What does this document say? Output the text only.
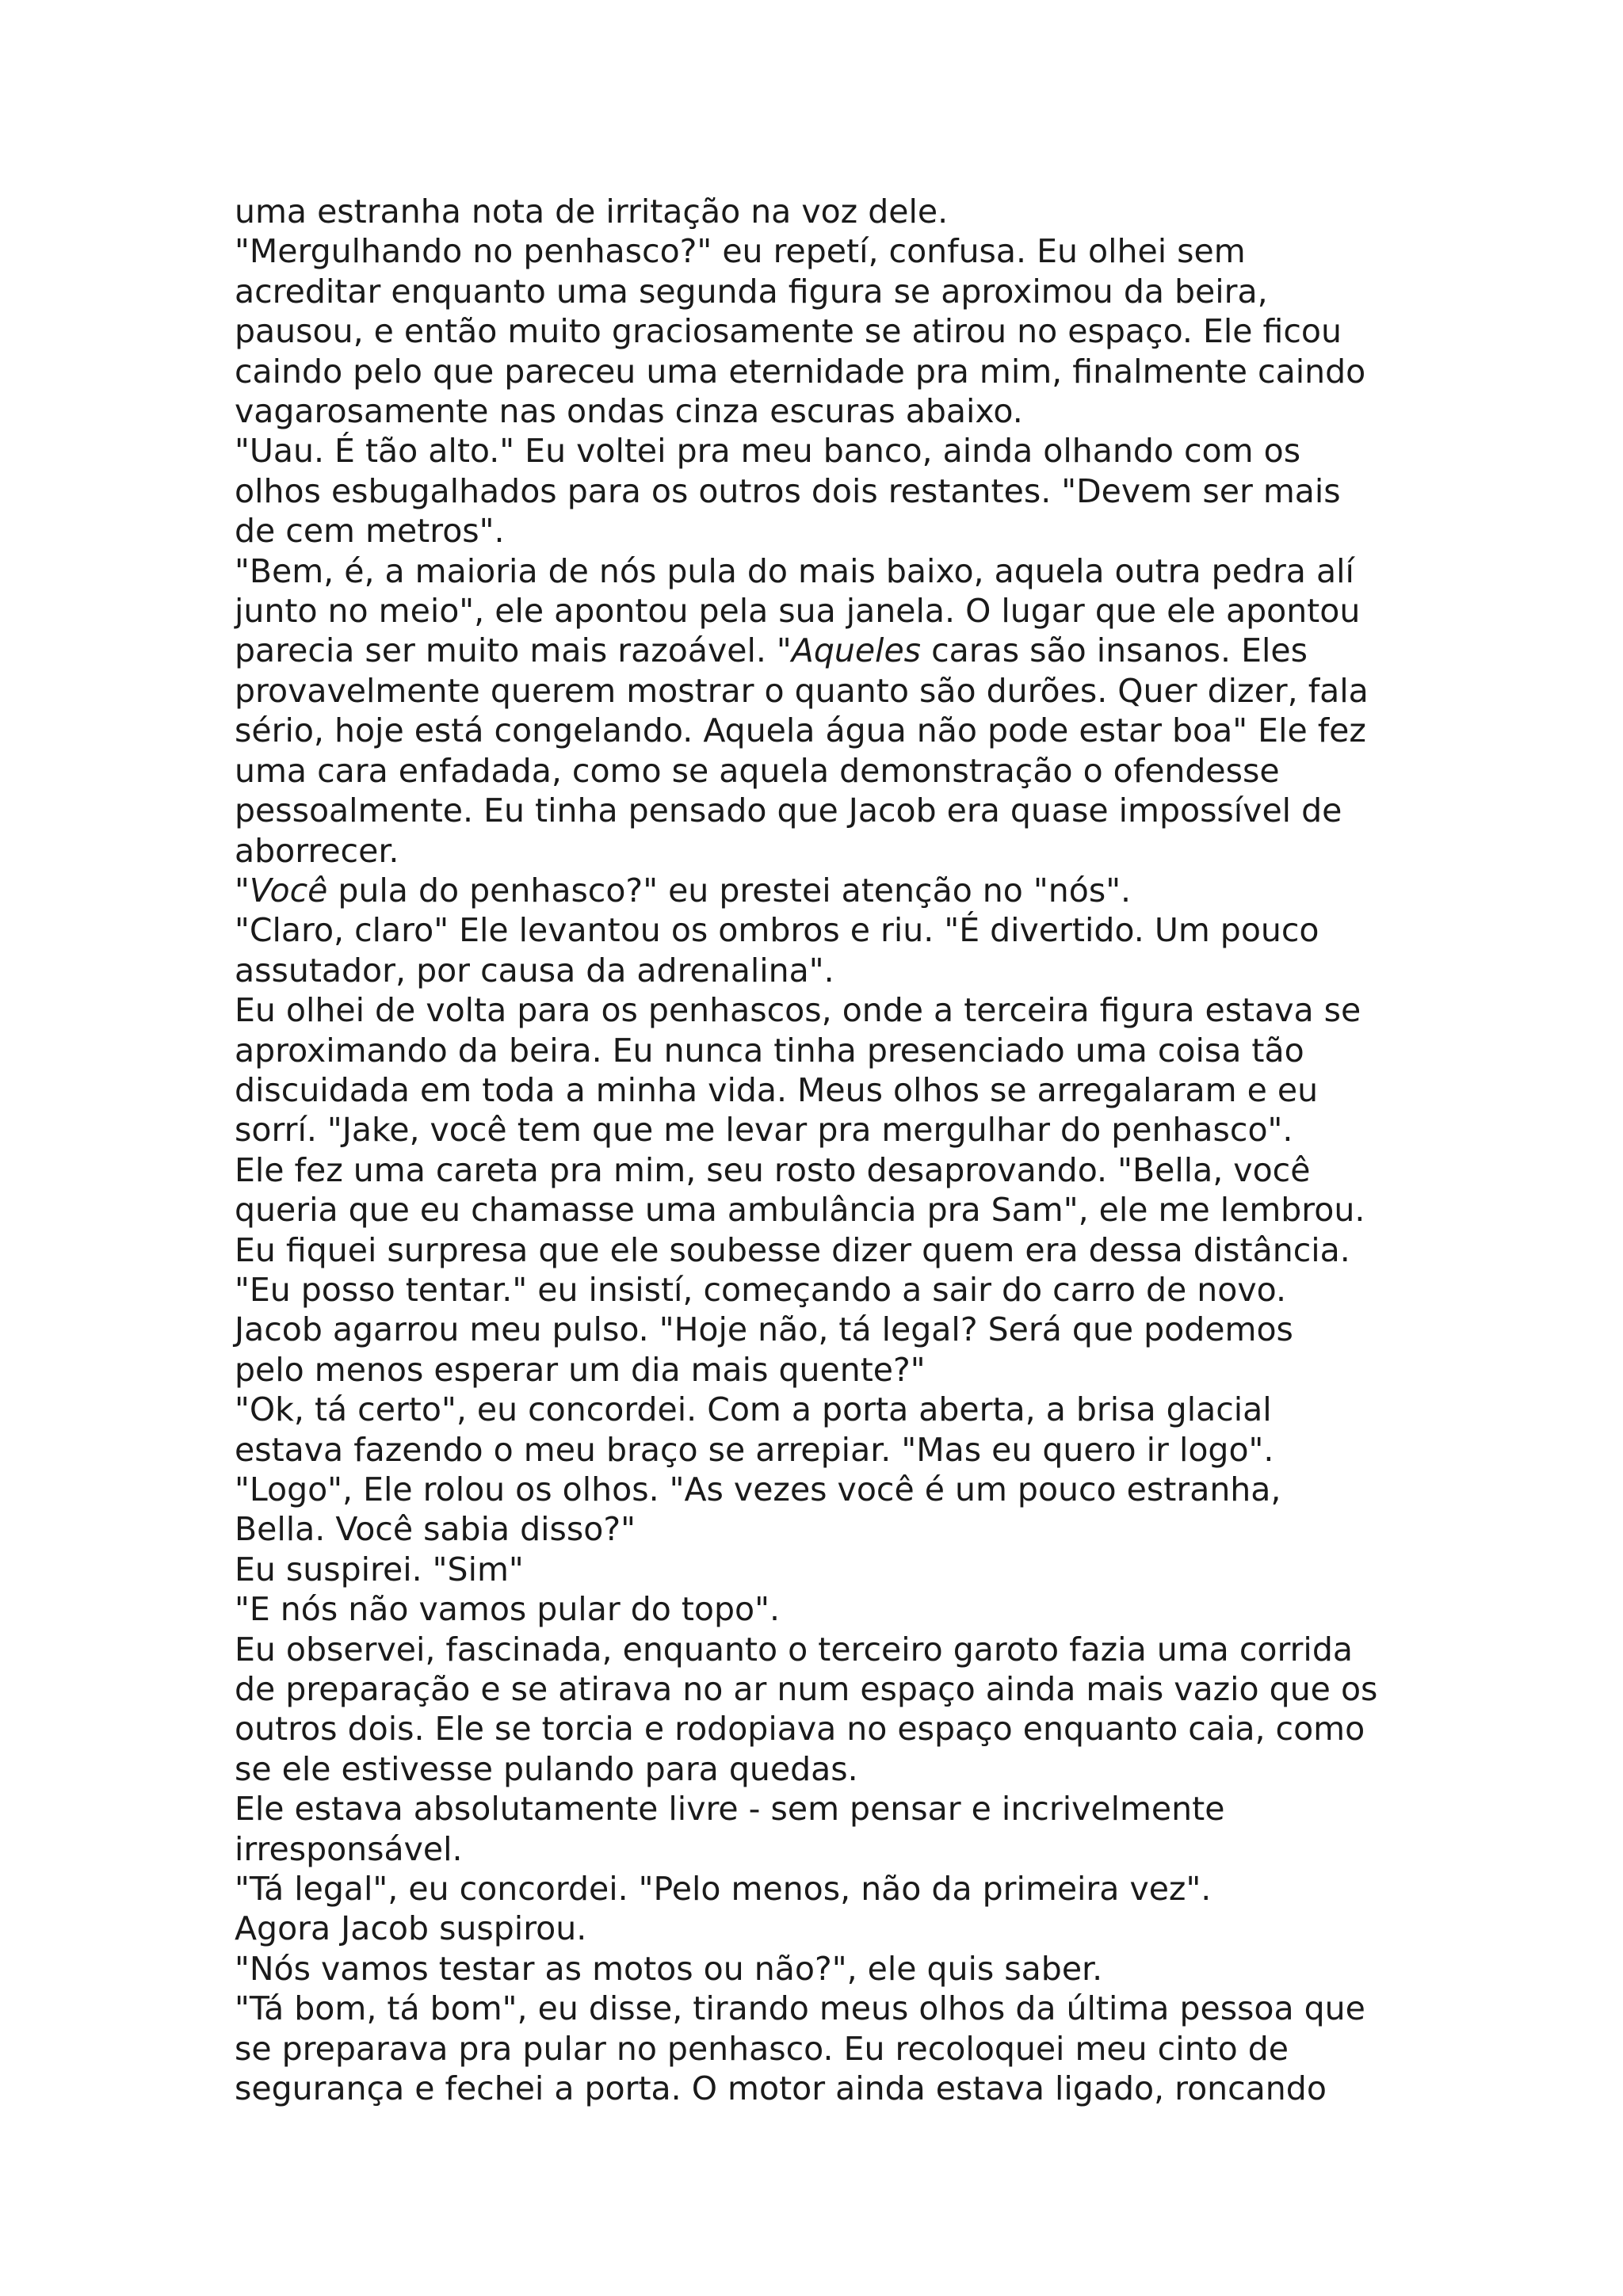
uma estranha nota de irritação na voz dele.
"Mergulhando no penhasco?" eu repetí, confusa. Eu olhei sem
acreditar enquanto uma segunda figura se aproximou da beira,
pausou, e então muito graciosamente se atirou no espaço. Ele ficou
caindo pelo que pareceu uma eternidade pra mim, finalmente caindo
vagarosamente nas ondas cinza escuras abaixo.
"Uau. É tão alto." Eu voltei pra meu banco, ainda olhando com os
olhos esbugalhados para os outros dois restantes. "Devem ser mais
de cem metros".
"Bem, é, a maioria de nós pula do mais baixo, aquela outra pedra alí
junto no meio", ele apontou pela sua janela. O lugar que ele apontou
parecia ser muito mais razoável. "Aqueles caras são insanos. Eles
provavelmente querem mostrar o quanto são durões. Quer dizer, fala
sério, hoje está congelando. Aquela água não pode estar boa" Ele fez
uma cara enfadada, como se aquela demonstração o ofendesse
pessoalmente. Eu tinha pensado que Jacob era quase impossível de
aborrecer.
"Você pula do penhasco?" eu prestei atenção no "nós".
"Claro, claro" Ele levantou os ombros e riu. "É divertido. Um pouco
assutador, por causa da adrenalina".
Eu olhei de volta para os penhascos, onde a terceira figura estava se
aproximando da beira. Eu nunca tinha presenciado uma coisa tão
discuidada em toda a minha vida. Meus olhos se arregalaram e eu
sorrí. "Jake, você tem que me levar pra mergulhar do penhasco".
Ele fez uma careta pra mim, seu rosto desaprovando. "Bella, você
queria que eu chamasse uma ambulância pra Sam", ele me lembrou.
Eu fiquei surpresa que ele soubesse dizer quem era dessa distância.
"Eu posso tentar." eu insistí, começando a sair do carro de novo.
Jacob agarrou meu pulso. "Hoje não, tá legal? Será que podemos
pelo menos esperar um dia mais quente?"
"Ok, tá certo", eu concordei. Com a porta aberta, a brisa glacial
estava fazendo o meu braço se arrepiar. "Mas eu quero ir logo".
"Logo", Ele rolou os olhos. "As vezes você é um pouco estranha,
Bella. Você sabia disso?"
Eu suspirei. "Sim"
"E nós não vamos pular do topo".
Eu observei, fascinada, enquanto o terceiro garoto fazia uma corrida
de preparação e se atirava no ar num espaço ainda mais vazio que os
outros dois. Ele se torcia e rodopiava no espaço enquanto caia, como
se ele estivesse pulando para quedas.
Ele estava absolutamente livre - sem pensar e incrivelmente
irresponsável.
"Tá legal", eu concordei. "Pelo menos, não da primeira vez".
Agora Jacob suspirou.
"Nós vamos testar as motos ou não?", ele quis saber.
"Tá bom, tá bom", eu disse, tirando meus olhos da última pessoa que
se preparava pra pular no penhasco. Eu recoloquei meu cinto de
segurança e fechei a porta. O motor ainda estava ligado, roncando
